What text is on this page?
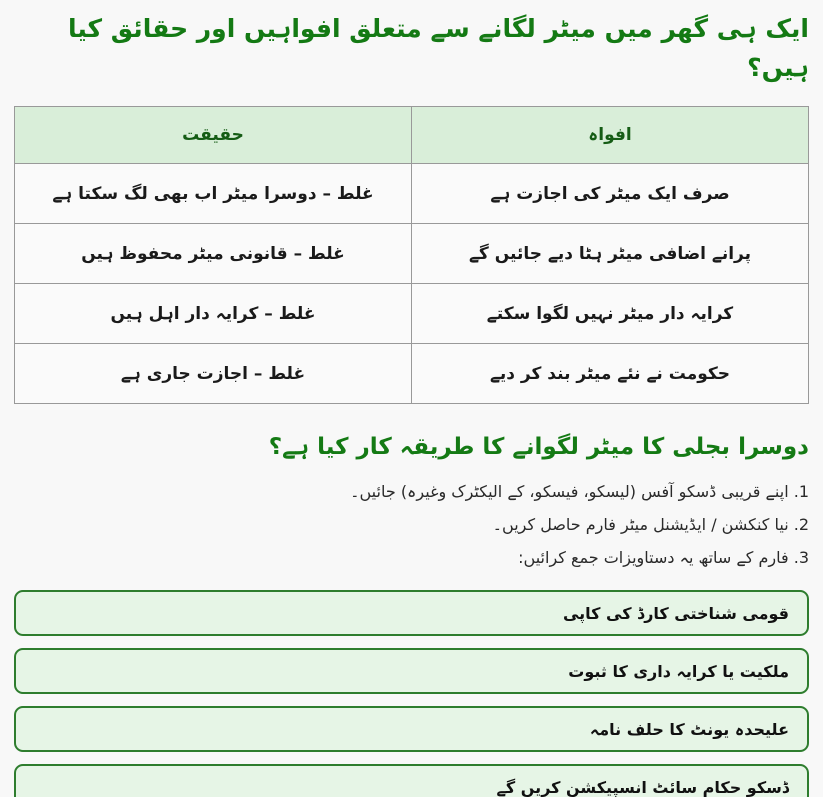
ایک ہی گھر میں میٹر لگانے سے متعلق افواہیں اور حقائق کیا ہیں؟
افواہ	حقیقت
صرف ایک میٹر کی اجازت ہے	غلط – دوسرا میٹر اب بھی لگ سکتا ہے
پرانے اضافی میٹر ہٹا دیے جائیں گے	غلط – قانونی میٹر محفوظ ہیں
کرایہ دار میٹر نہیں لگوا سکتے	غلط – کرایہ دار اہل ہیں
حکومت نے نئے میٹر بند کر دیے	غلط – اجازت جاری ہے
دوسرا بجلی کا میٹر لگوانے کا طریقہ کار کیا ہے؟
1. اپنے قریبی ڈسکو آفس (لیسکو، فیسکو، کے الیکٹرک وغیرہ) جائیں۔
2. نیا کنکشن / ایڈیشنل میٹر فارم حاصل کریں۔
3. فارم کے ساتھ یہ دستاویزات جمع کرائیں:
قومی شناختی کارڈ کی کاپی
ملکیت یا کرایہ داری کا ثبوت
علیحدہ یونٹ کا حلف نامہ
ڈسکو حکام سائٹ انسپیکشن کریں گے
